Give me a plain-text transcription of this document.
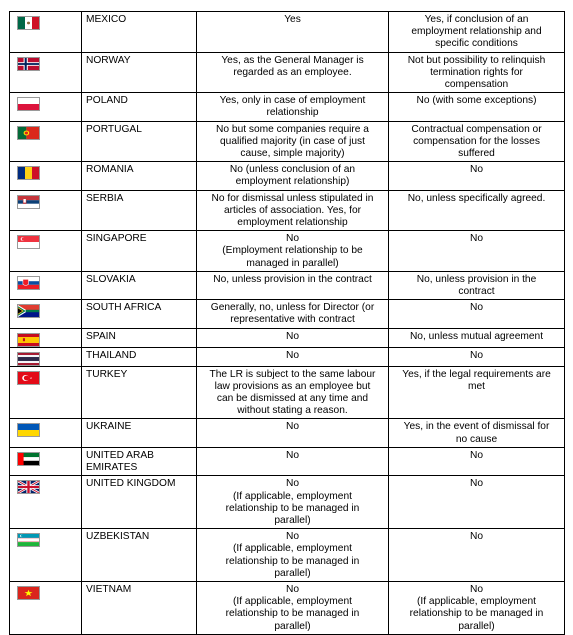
MEXICO	Yes	Yes, if conclusion of an
employment relationship and
specific conditions

NORWAY	Yes, as the General Manager is
regarded as an employee.	Not but possibility to relinquish
termination rights for
compensation

POLAND	Yes, only in case of employment
relationship	No (with some exceptions)

PORTUGAL	No but some companies require a
qualified majority (in case of just
cause, simple majority)	Contractual compensation or
compensation for the losses
suffered

ROMANIA	No (unless conclusion of an
employment relationship)	No

SERBIA	No for dismissal unless stipulated in
articles of association. Yes, for
employment relationship	No, unless specifically agreed.

SINGAPORE	No
(Employment relationship to be
managed in parallel)	No

SLOVAKIA	No, unless provision in the contract	No, unless provision in the
contract

SOUTH AFRICA	Generally, no, unless for Director (or
representative with contract	No

SPAIN	No	No, unless mutual agreement

THAILAND	No	No

TURKEY	The LR is subject to the same labour
law provisions as an employee but
can be dismissed at any time and
without stating a reason.	Yes, if the legal requirements are
met

UKRAINE	No	Yes, in the event of dismissal for
no cause

UNITED ARAB
EMIRATES	No	No

UNITED KINGDOM	No
(If applicable, employment
relationship to be managed in
parallel)	No

UZBEKISTAN	No
(If applicable, employment
relationship to be managed in
parallel)	No

VIETNAM	No
(If applicable, employment
relationship to be managed in
parallel)	No
(If applicable, employment
relationship to be managed in
parallel)
